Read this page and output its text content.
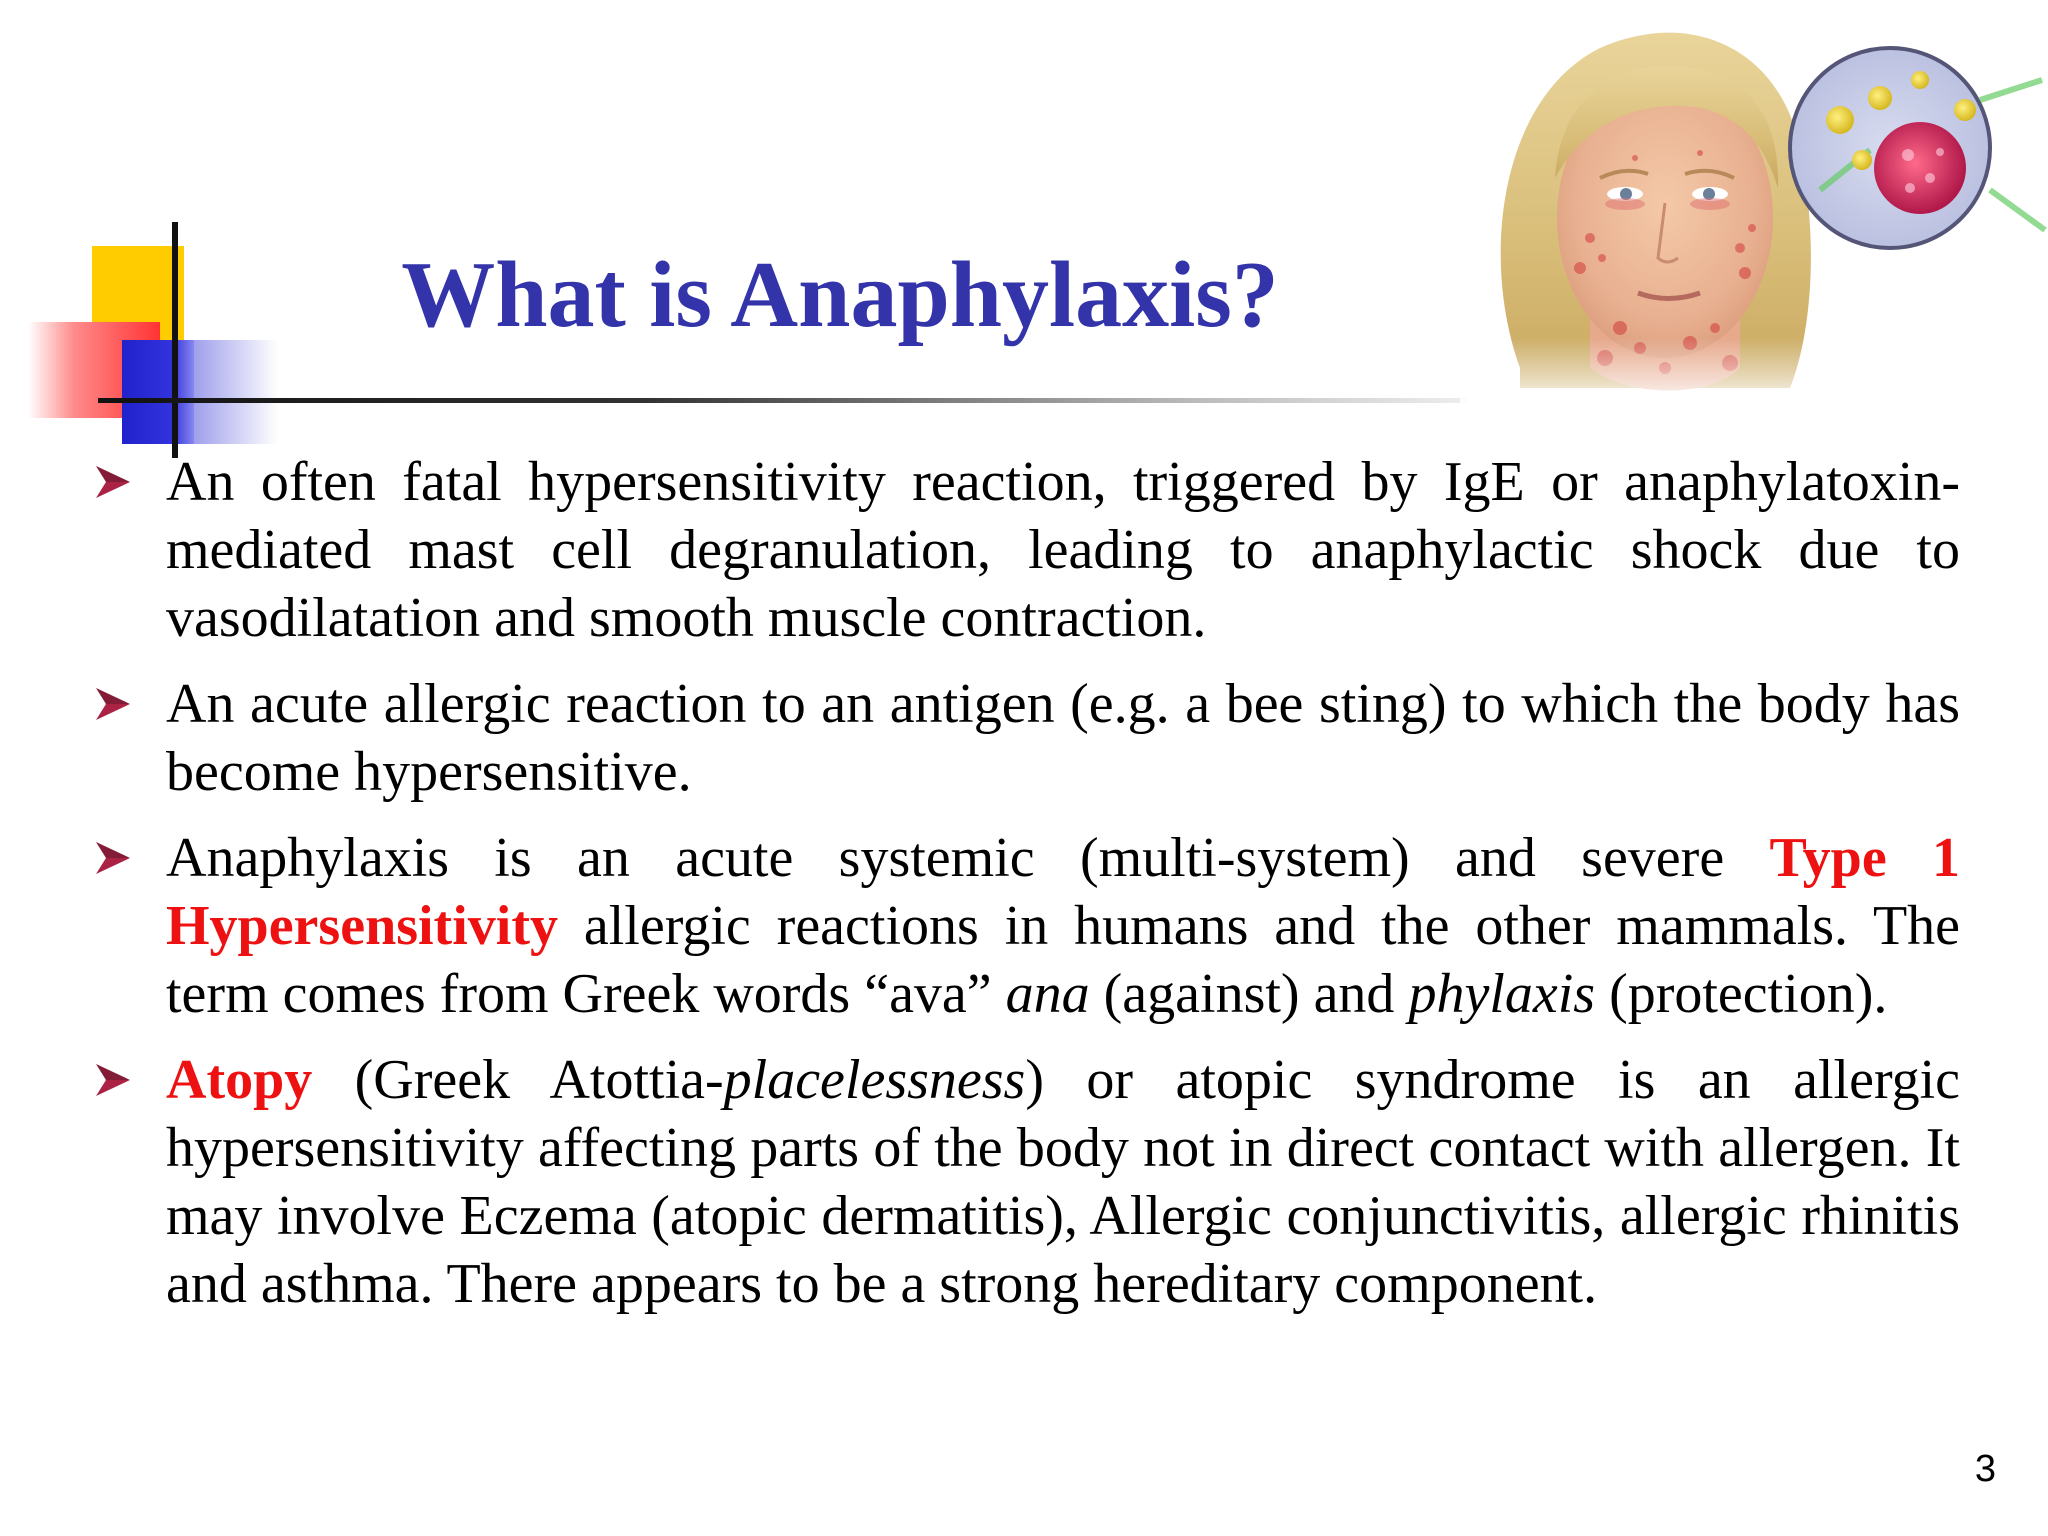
What is Anaphylaxis?
An often fatal hypersensitivity reaction, triggered by IgE or anaphylatoxin-mediated mast cell degranulation, leading to anaphylactic shock due to vasodilatation and smooth muscle contraction.
An acute allergic reaction to an antigen (e.g. a bee sting) to which the body has become hypersensitive.
Anaphylaxis is an acute systemic (multi-system) and severe Type 1 Hypersensitivity allergic reactions in humans and the other mammals. The term comes from Greek words “ava” ana (against) and phylaxis (protection).
Atopy (Greek Atottia-placelessness) or atopic syndrome is an allergic hypersensitivity affecting parts of the body not in direct contact with allergen. It may involve Eczema (atopic dermatitis), Allergic conjunctivitis, allergic rhinitis and asthma. There appears to be a strong hereditary component.
3
